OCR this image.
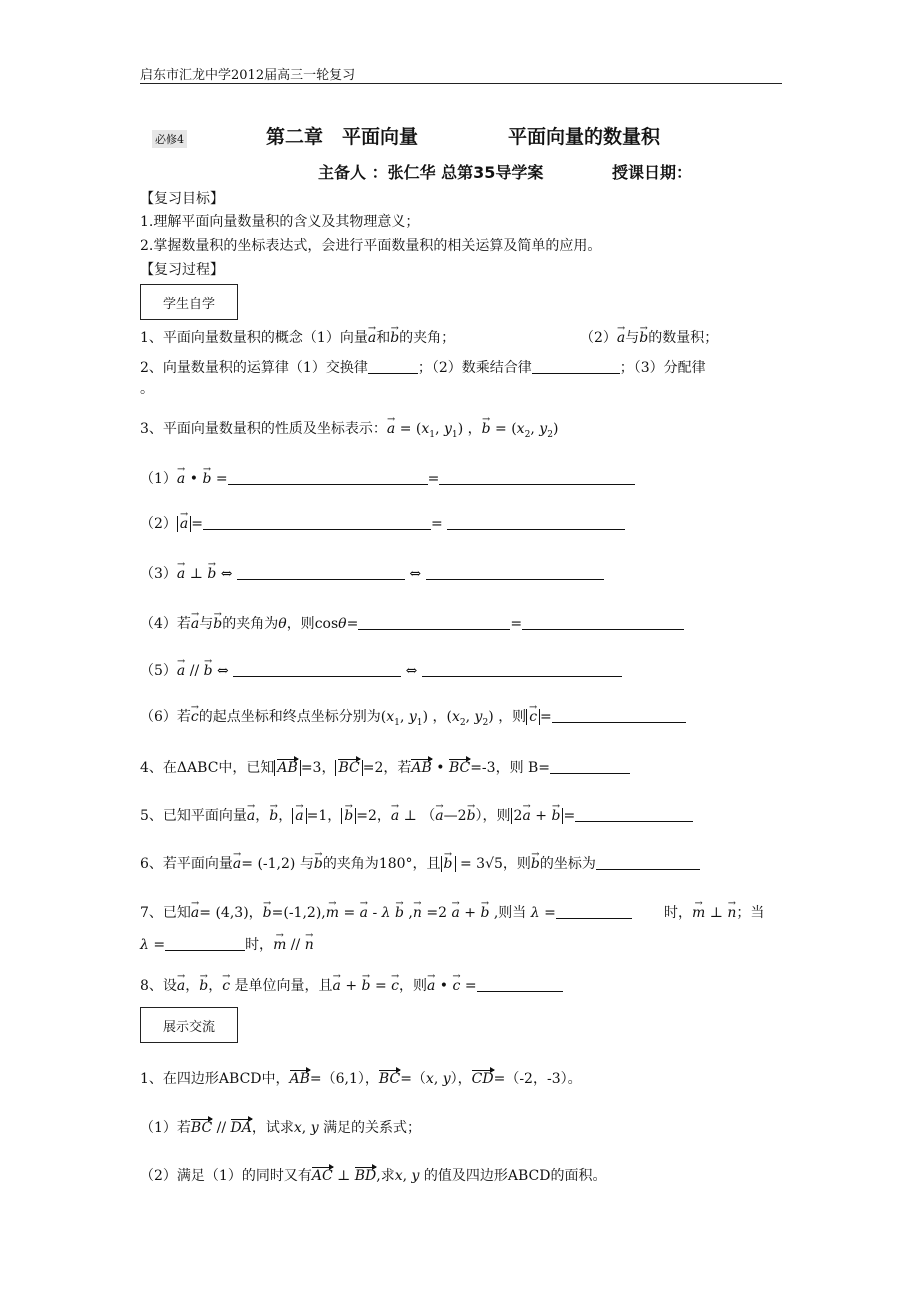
启东市汇龙中学2012届高三一轮复习
必修4	第二章　平面向量	平面向量的数量积
主备人 ：张仁华 总第35导学案	授课日期：
【复习目标】
1.理解平面向量数量积的含义及其物理意义；
2.掌握数量积的坐标表达式，会进行平面数量积的相关运算及简单的应用。
【复习过程】
学生自学
1、平面向量数量积的概念（1）向量→ a和→ b的夹角；	（2）→ a与→ b的数量积；
2、向量数量积的运算律（1）交换律	；（2）数乘结合律	；（3）分配律
。
3、平面向量数量积的性质及坐标表示：→ $a = (x_1$, $y_1$) ，→ $b = (x_2$, $y_2$)
（1）→ a • → b =	=
（2） → a =	=
（3）→ a ⊥ → b ⇔	⇔
（4）若→ a与→ b的夹角为θ，则cosθ=	=
（5）→ a // → b ⇔	⇔
（6）若→ c的起点坐标和终点坐标分别为($x_1$, $y_1$) ，($x_2$, $y_2$) ，则 → c =
4、在ΔABC中，已知 AB =3， BC =2，若AB • BC=-3，则 B=
5、已知平面向量→ a，→ b， → a =1， → b =2，→ a ⊥ （→ a—2→ b），则 2→ a + → b =
6、若平面向量→ a= (-1,2) 与→ b的夹角为180°，且 → b = 3√5，则→ b的坐标为
7、已知→ a= (4,3)，→ b=(-1,2),→ m = → a - λ → b ,→ n =2 → a + → b ,则当 λ =	时，→ m ⊥ → n；当
λ =	时，→ m // → n
8、设→ a，→ b，→ c 是单位向量，且→ a + → b = → c，则→ a • → c =
展示交流
1、在四边形ABCD中，AB=（6,1），BC=（x, y），CD=（-2，-3）。
（1）若BC // DA，试求x, y 满足的关系式；
（2）满足（1）的同时又有AC ⊥ BD,求x, y 的值及四边形ABCD的面积。
